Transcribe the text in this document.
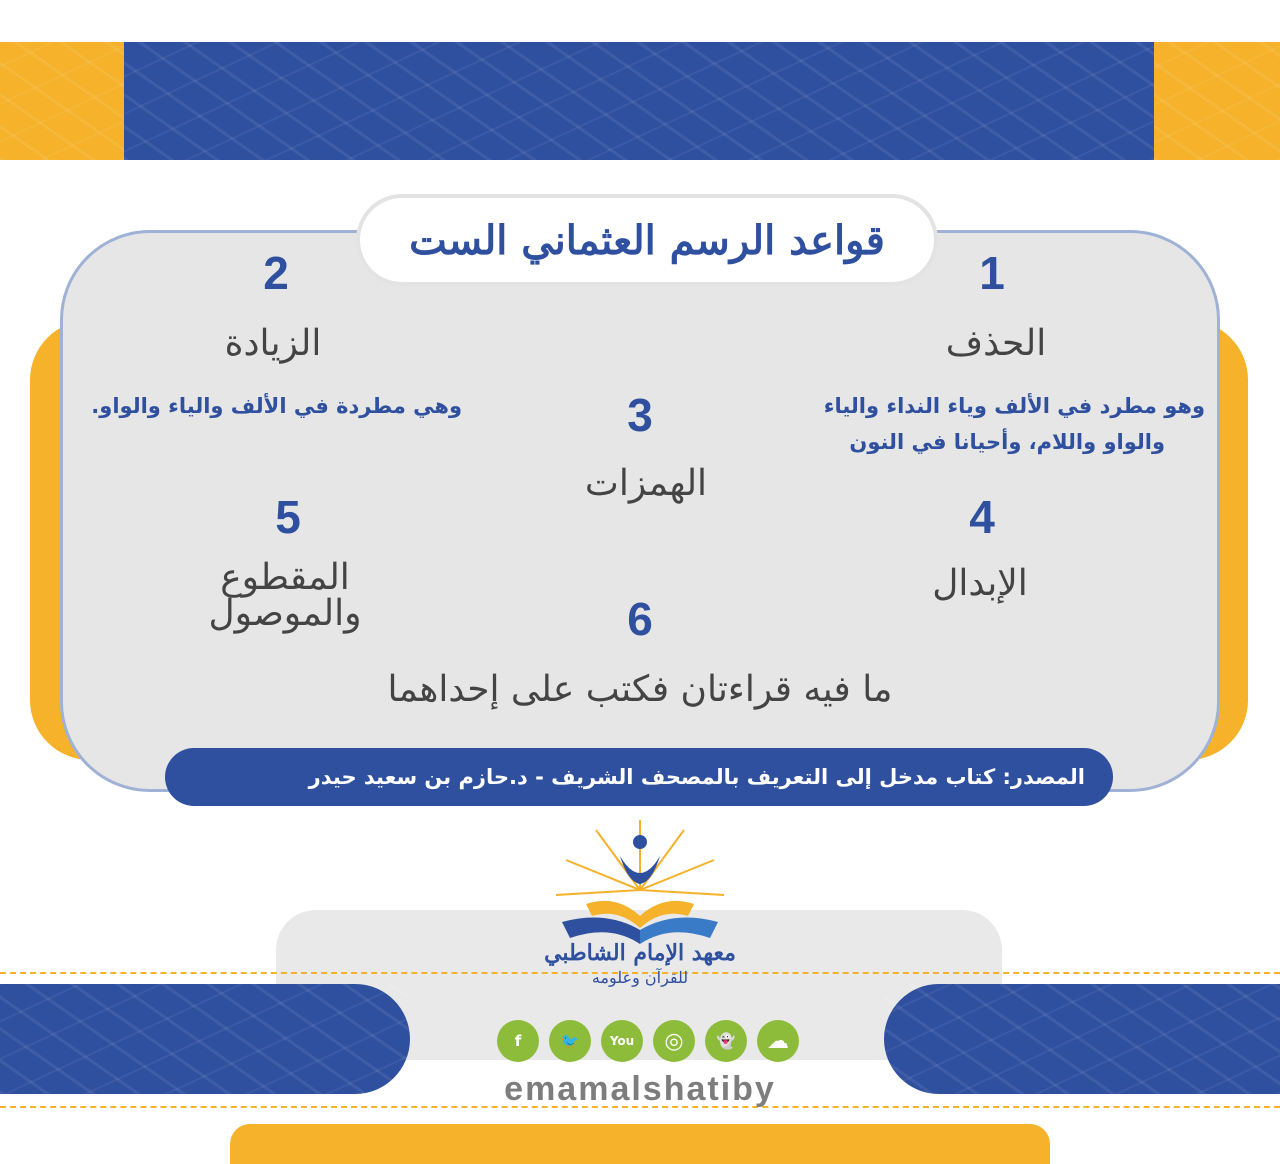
قواعد الرسم العثماني الست
1
الحذف
وهو مطرد في الألف وياء النداء والياء
والواو واللام، وأحيانا في النون
2
الزيادة
وهي مطردة في الألف والياء والواو.	3
الهمزات
4
الإبدال
5
المقطوع والموصول	6
ما فيه قراءتان فكتب على إحداهما
المصدر: كتاب مدخل إلى التعريف بالمصحف الشريف - د.حازم بن سعيد حيدر
معهد الإمام الشاطبي
للقرآن وعلومه
f	🐦	You	◎	👻	☁
emamalshatiby
